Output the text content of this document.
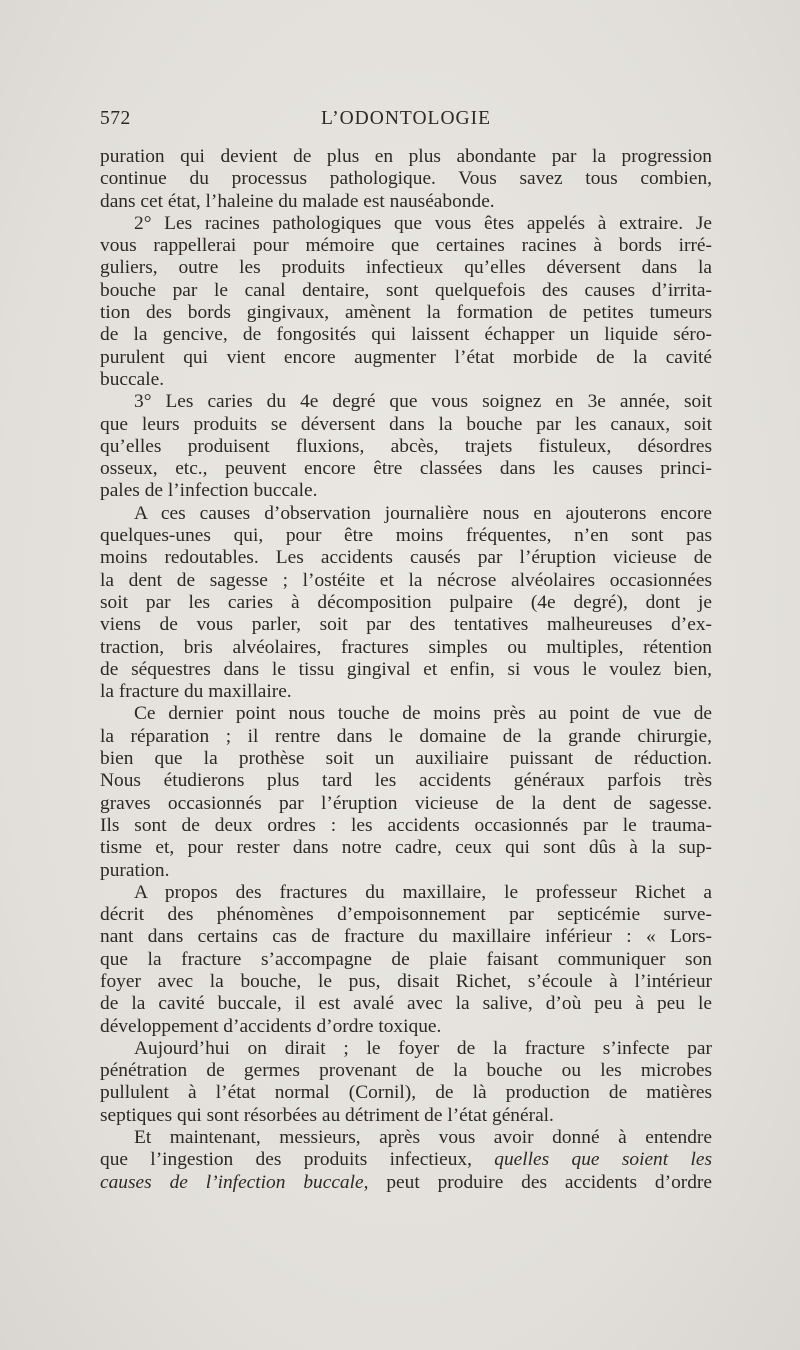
572	L’ODONTOLOGIE
puration qui devient de plus en plus abondante par la progression
continue du processus pathologique. Vous savez tous combien,
dans cet état, l’haleine du malade est nauséabonde.
2° Les racines pathologiques que vous êtes appelés à extraire. Je
vous rappellerai pour mémoire que certaines racines à bords irré-
guliers, outre les produits infectieux qu’elles déversent dans la
bouche par le canal dentaire, sont quelquefois des causes d’irrita-
tion des bords gingivaux, amènent la formation de petites tumeurs
de la gencive, de fongosités qui laissent échapper un liquide séro-
purulent qui vient encore augmenter l’état morbide de la cavité
buccale.
3° Les caries du 4e degré que vous soignez en 3e année, soit
que leurs produits se déversent dans la bouche par les canaux, soit
qu’elles produisent fluxions, abcès, trajets fistuleux, désordres
osseux, etc., peuvent encore être classées dans les causes princi-
pales de l’infection buccale.
A ces causes d’observation journalière nous en ajouterons encore
quelques-unes qui, pour être moins fréquentes, n’en sont pas
moins redoutables. Les accidents causés par l’éruption vicieuse de
la dent de sagesse ; l’ostéite et la nécrose alvéolaires occasionnées
soit par les caries à décomposition pulpaire (4e degré), dont je
viens de vous parler, soit par des tentatives malheureuses d’ex-
traction, bris alvéolaires, fractures simples ou multiples, rétention
de séquestres dans le tissu gingival et enfin, si vous le voulez bien,
la fracture du maxillaire.
Ce dernier point nous touche de moins près au point de vue de
la réparation ; il rentre dans le domaine de la grande chirurgie,
bien que la prothèse soit un auxiliaire puissant de réduction.
Nous étudierons plus tard les accidents généraux parfois très
graves occasionnés par l’éruption vicieuse de la dent de sagesse.
Ils sont de deux ordres : les accidents occasionnés par le trauma-
tisme et, pour rester dans notre cadre, ceux qui sont dûs à la sup-
puration.
A propos des fractures du maxillaire, le professeur Richet a
décrit des phénomènes d’empoisonnement par septicémie surve-
nant dans certains cas de fracture du maxillaire inférieur : « Lors-
que la fracture s’accompagne de plaie faisant communiquer son
foyer avec la bouche, le pus, disait Richet, s’écoule à l’intérieur
de la cavité buccale, il est avalé avec la salive, d’où peu à peu le
développement d’accidents d’ordre toxique.
Aujourd’hui on dirait ; le foyer de la fracture s’infecte par
pénétration de germes provenant de la bouche ou les microbes
pullulent à l’état normal (Cornil), de là production de matières
septiques qui sont résorbées au détriment de l’état général.
Et maintenant, messieurs, après vous avoir donné à entendre
que l’ingestion des produits infectieux, quelles que soient les
causes de l’infection buccale, peut produire des accidents d’ordre
